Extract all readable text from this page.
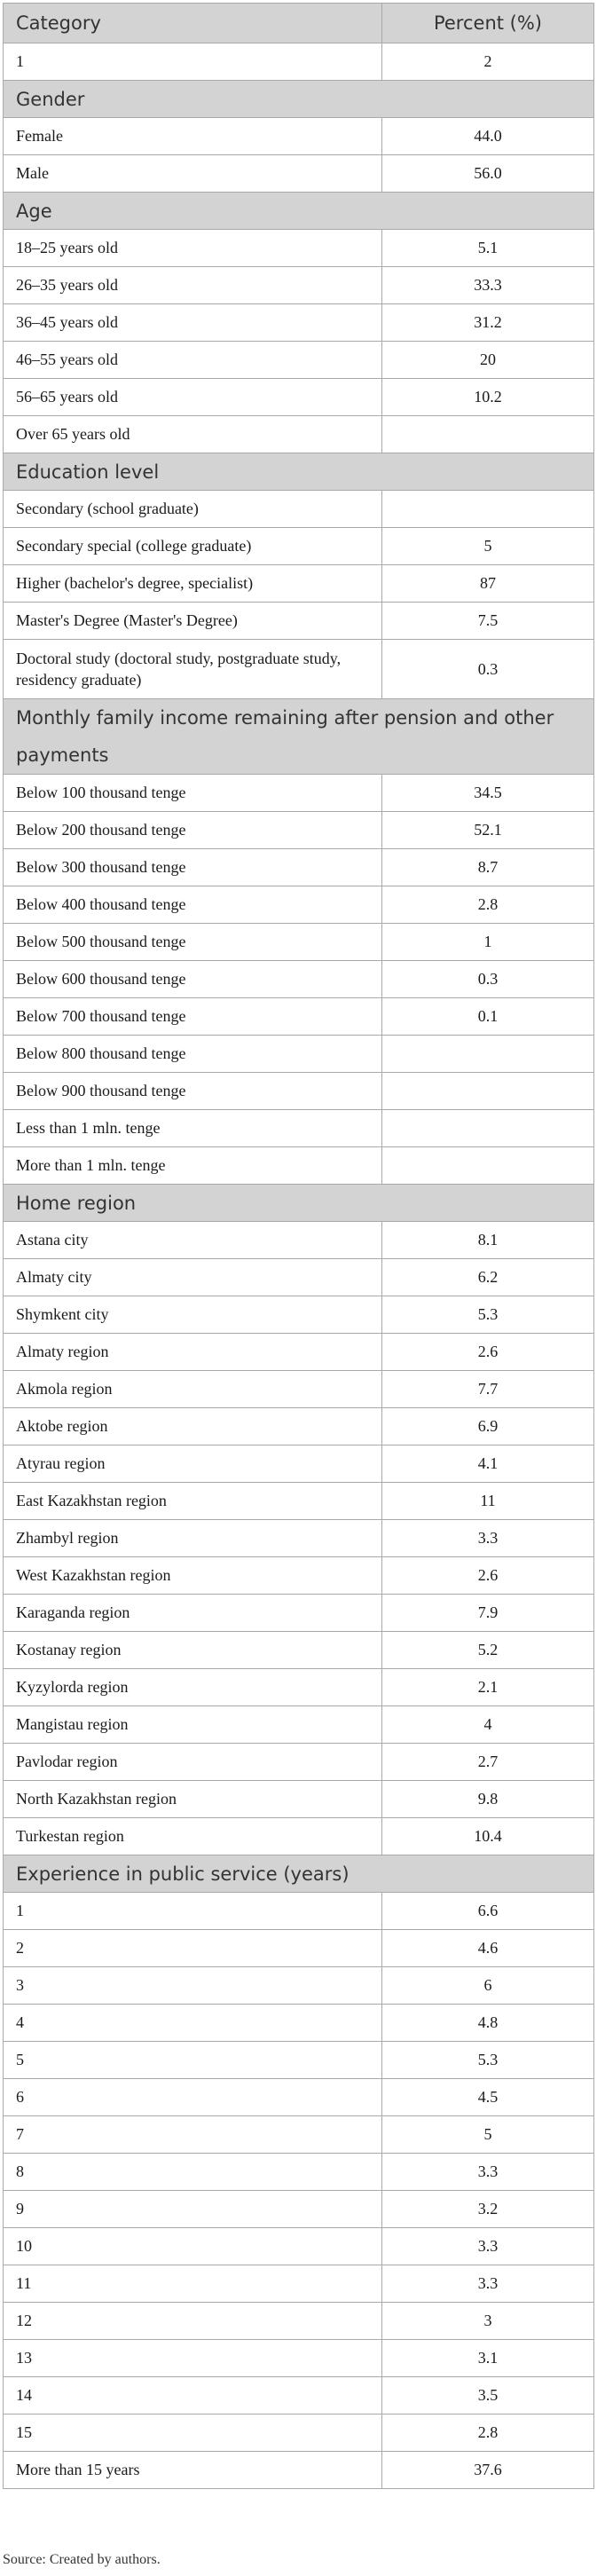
Category	Percent (%)
1	2
Gender	
Female	44.0
Male	56.0
Age	
18–25 years old	5.1
26–35 years old	33.3
36–45 years old	31.2
46–55 years old	20
56–65 years old	10.2
Over 65 years old	
Education level	
Secondary (school graduate)	
Secondary special (college graduate)	5
Higher (bachelor's degree, specialist)	87
Master's Degree (Master's Degree)	7.5
Doctoral study (doctoral study, postgraduate study, residency graduate)	0.3
Monthly family income remaining after pension and other payments	
Below 100 thousand tenge	34.5
Below 200 thousand tenge	52.1
Below 300 thousand tenge	8.7
Below 400 thousand tenge	2.8
Below 500 thousand tenge	1
Below 600 thousand tenge	0.3
Below 700 thousand tenge	0.1
Below 800 thousand tenge	
Below 900 thousand tenge	
Less than 1 mln. tenge	
More than 1 mln. tenge	
Home region	
Astana city	8.1
Almaty city	6.2
Shymkent city	5.3
Almaty region	2.6
Akmola region	7.7
Aktobe region	6.9
Atyrau region	4.1
East Kazakhstan region	11
Zhambyl region	3.3
West Kazakhstan region	2.6
Karaganda region	7.9
Kostanay region	5.2
Kyzylorda region	2.1
Mangistau region	4
Pavlodar region	2.7
North Kazakhstan region	9.8
Turkestan region	10.4
Experience in public service (years)	
1	6.6
2	4.6
3	6
4	4.8
5	5.3
6	4.5
7	5
8	3.3
9	3.2
10	3.3
11	3.3
12	3
13	3.1
14	3.5
15	2.8
More than 15 years	37.6
Source: Created by authors.
